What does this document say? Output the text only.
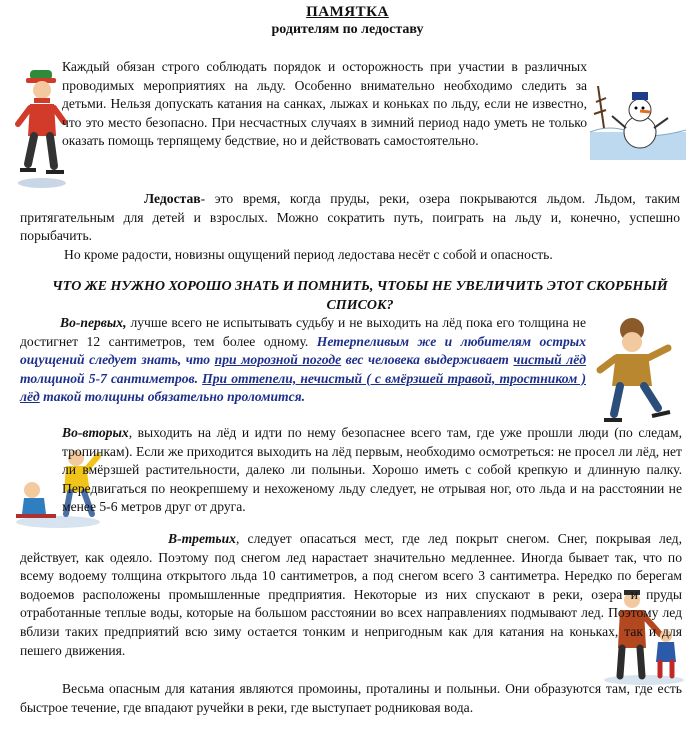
ПАМЯТКА
родителям по ледоставу

Каждый обязан строго соблюдать порядок и осторожность при участии в различных проводимых мероприятиях на льду. Особенно внимательно необходимо следить за детьми. Нельзя допускать катания на санках, лыжах и коньках по льду, если не известно, что это место безопасно. При несчастных случаях в зимний период надо уметь не только оказать помощь терпящему бедствие, но и действовать самостоятельно.

Ледостав- это время, когда пруды, реки, озера покрываются льдом. Льдом, таким притягательным для детей и взрослых. Можно сократить путь, поиграть на льду и, конечно, успешно порыбачить.

Но кроме радости, новизны ощущений период ледостава несёт с собой и опасность.

ЧТО ЖЕ НУЖНО ХОРОШО ЗНАТЬ И ПОМНИТЬ, ЧТОБЫ НЕ УВЕЛИЧИТЬ ЭТОТ СКОРБНЫЙ СПИСОК?

Во-первых, лучше всего не испытывать судьбу и не выходить на лёд пока его толщина не достигнет 12 сантиметров, тем более одному. Нетерпеливым же и любителям острых ощущений следует знать, что при морозной погоде вес человека выдерживает чистый лёд толщиной 5-7 сантиметров. При оттепели, нечистый ( с вмёрзшей травой, тростником ) лёд такой толщины обязательно проломится.

Во-вторых, выходить на лёд и идти по нему безопаснее всего там, где уже прошли люди (по следам, тропинкам). Если же приходится выходить на лёд первым, необходимо осмотреться: не просел ли лёд, нет ли вмёрзшей растительности, далеко ли полыньи. Хорошо иметь с собой крепкую и длинную палку. Передвигаться по неокрепшему и нехоженому льду следует, не отрывая ног, ото льда и на расстоянии не менее 5-6 метров друг от друга.

В-третьих, следует опасаться мест, где лед покрыт снегом. Снег, покрывая лед, действует, как одеяло. Поэтому под снегом лед нарастает значительно медленнее. Иногда бывает так, что по всему водоему толщина открытого льда 10 сантиметров, а под снегом всего 3 сантиметра. Нередко по берегам водоемов расположены промышленные предприятия. Некоторые из них спускают в реки, озера и пруды отработанные теплые воды, которые на большом расстоянии во всех направлениях подмывают лед. Поэтому лед вблизи таких предприятий всю зиму остается тонким и непригодным как для катания на коньках, так и для пешего движения.

Весьма опасным для катания являются промоины, проталины и полыньи. Они образуются там, где есть быстрое течение, где впадают ручейки в реки, где выступает родниковая вода.
